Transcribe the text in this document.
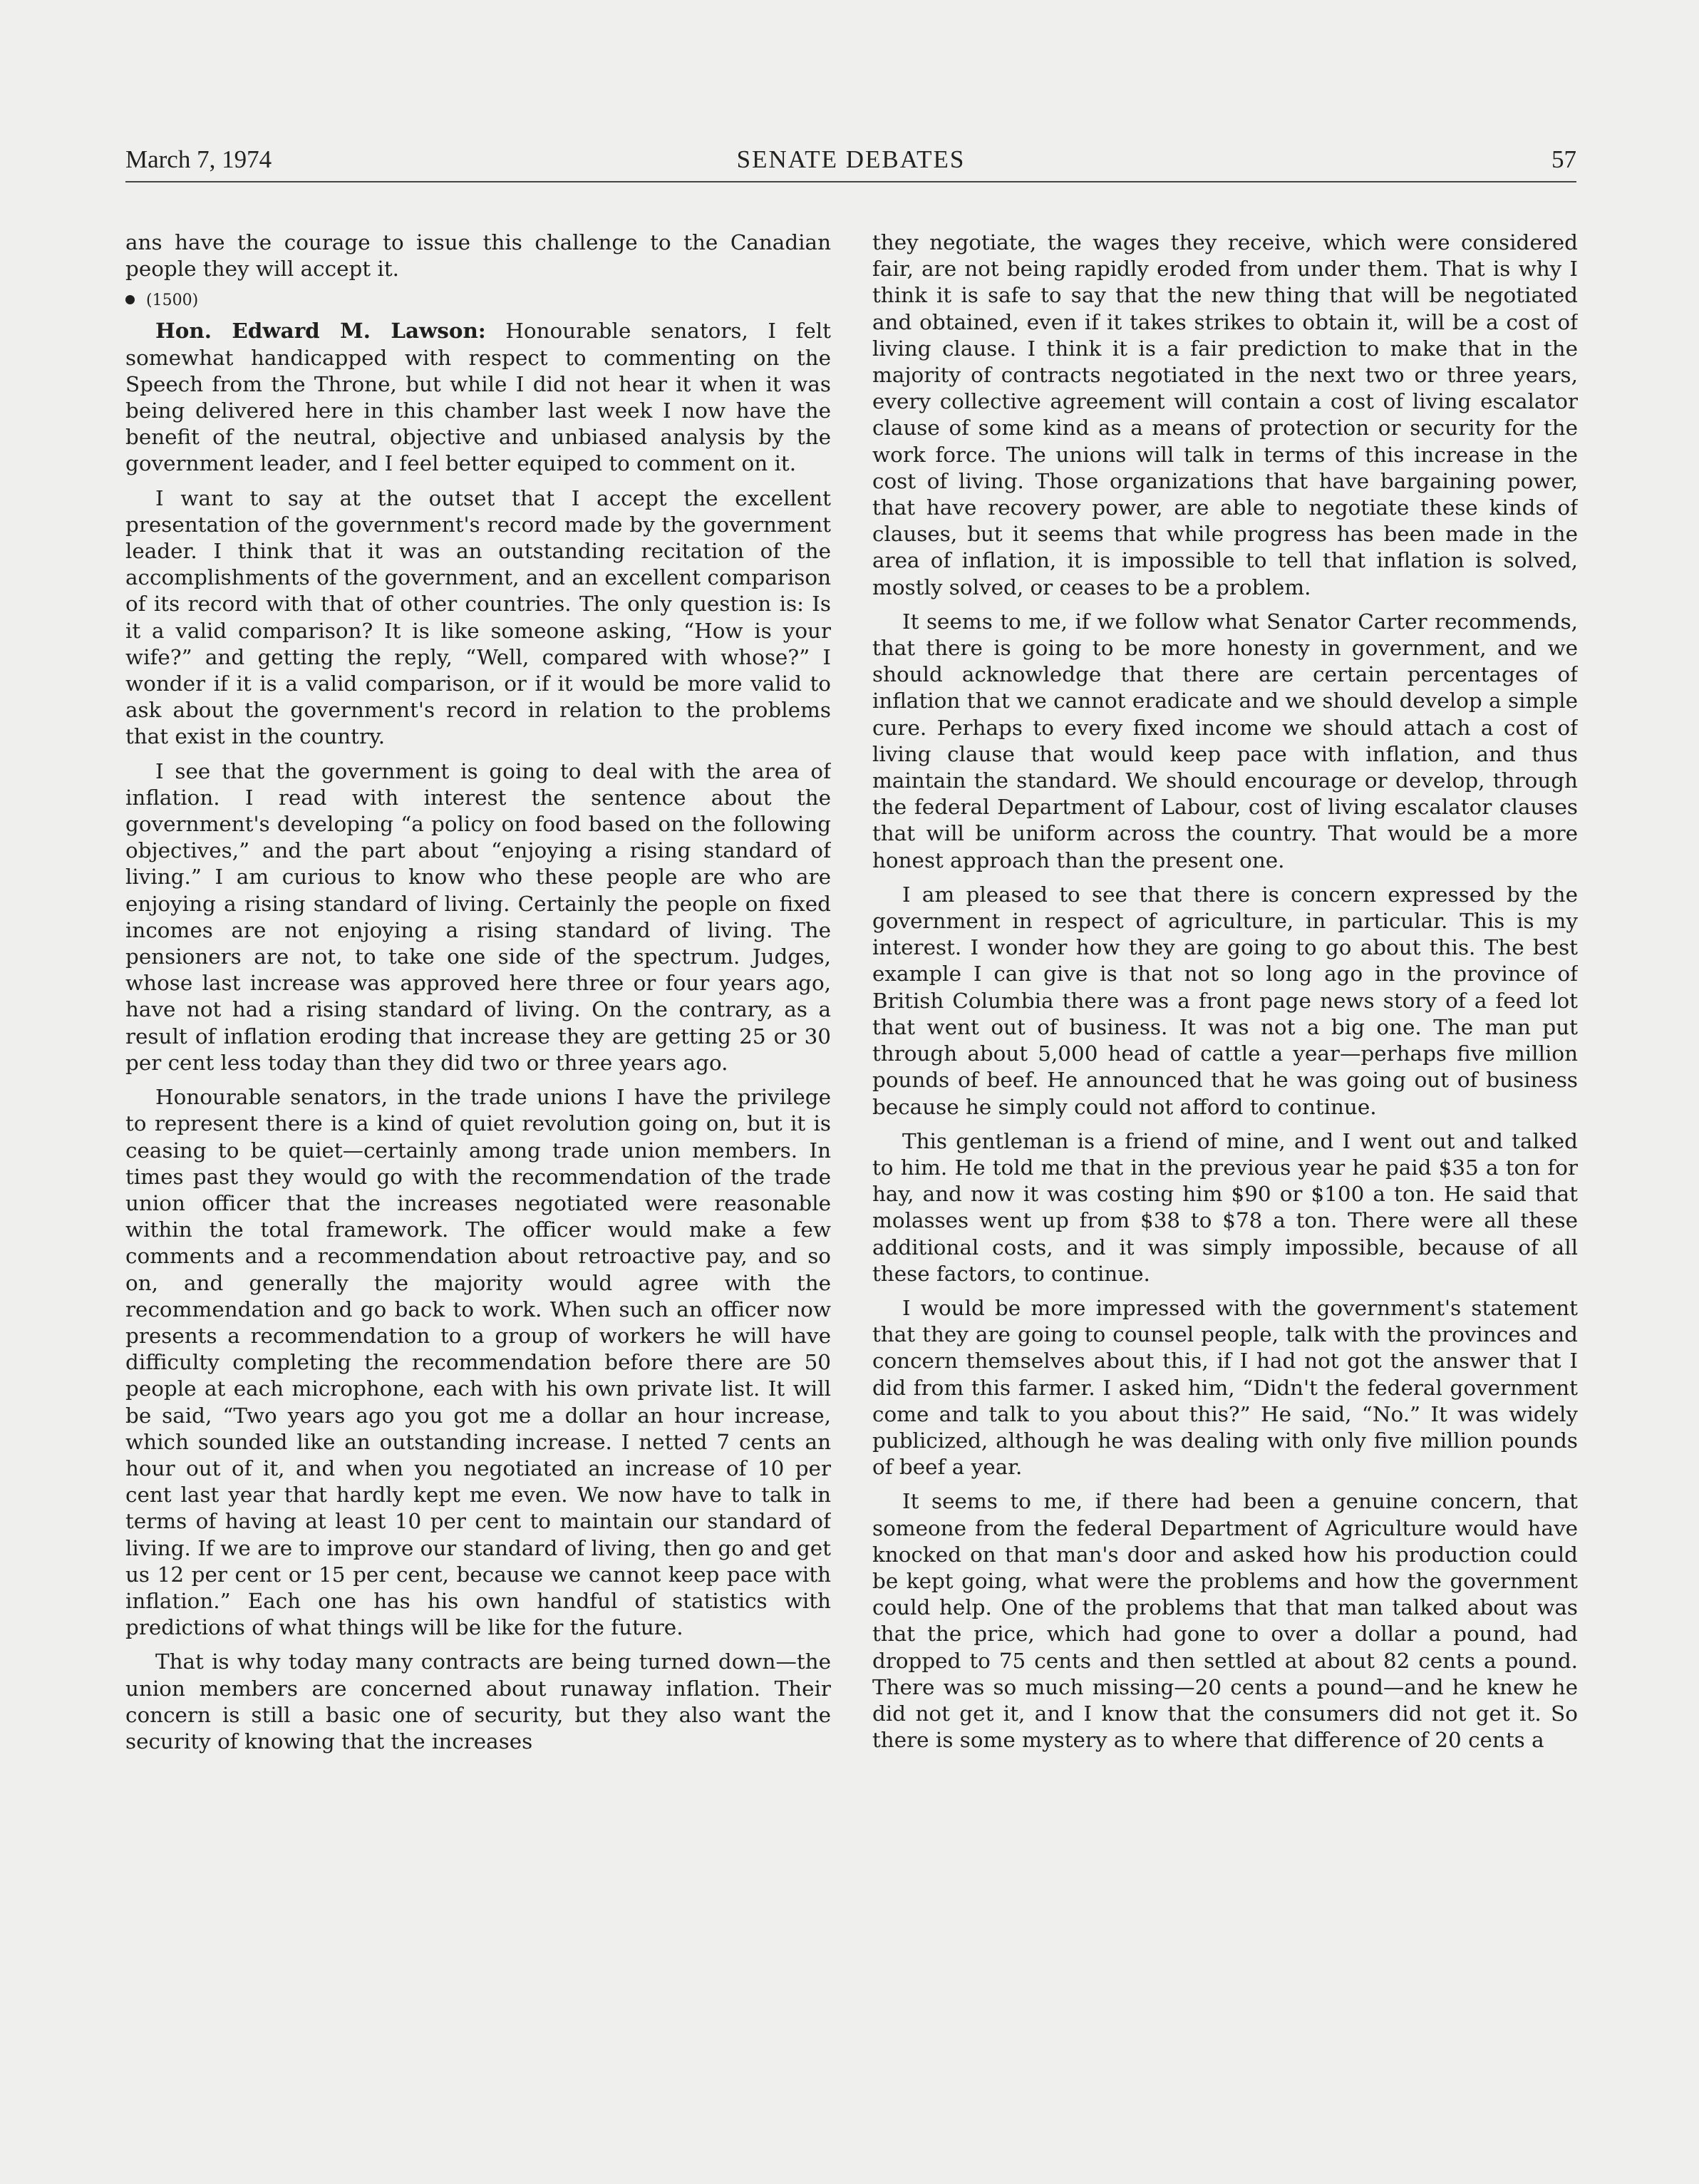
March 7, 1974	SENATE DEBATES	57

ans have the courage to issue this challenge to the Canadian people they will accept it.

(1500)

Hon. Edward M. Lawson: Honourable senators, I felt somewhat handicapped with respect to commenting on the Speech from the Throne, but while I did not hear it when it was being delivered here in this chamber last week I now have the benefit of the neutral, objective and unbiased analysis by the government leader, and I feel better equiped to comment on it.

I want to say at the outset that I accept the excellent presentation of the government's record made by the government leader. I think that it was an outstanding recitation of the accomplishments of the government, and an excellent comparison of its record with that of other countries. The only question is: Is it a valid comparison? It is like someone asking, “How is your wife?” and getting the reply, “Well, compared with whose?” I wonder if it is a valid comparison, or if it would be more valid to ask about the government's record in relation to the problems that exist in the country.

I see that the government is going to deal with the area of inflation. I read with interest the sentence about the government's developing “a policy on food based on the following objectives,” and the part about “enjoying a rising standard of living.” I am curious to know who these people are who are enjoying a rising standard of living. Certainly the people on fixed incomes are not enjoying a rising standard of living. The pensioners are not, to take one side of the spectrum. Judges, whose last increase was approved here three or four years ago, have not had a rising standard of living. On the contrary, as a result of inflation eroding that increase they are getting 25 or 30 per cent less today than they did two or three years ago.

Honourable senators, in the trade unions I have the privilege to represent there is a kind of quiet revolution going on, but it is ceasing to be quiet—certainly among trade union members. In times past they would go with the recommendation of the trade union officer that the increases negotiated were reasonable within the total framework. The officer would make a few comments and a recommendation about retroactive pay, and so on, and generally the majority would agree with the recommendation and go back to work. When such an officer now presents a recommendation to a group of workers he will have difficulty completing the recommendation before there are 50 people at each microphone, each with his own private list. It will be said, “Two years ago you got me a dollar an hour increase, which sounded like an outstanding increase. I netted 7 cents an hour out of it, and when you negotiated an increase of 10 per cent last year that hardly kept me even. We now have to talk in terms of having at least 10 per cent to maintain our standard of living. If we are to improve our standard of living, then go and get us 12 per cent or 15 per cent, because we cannot keep pace with inflation.” Each one has his own handful of statistics with predictions of what things will be like for the future.

That is why today many contracts are being turned down—the union members are concerned about runaway inflation. Their concern is still a basic one of security, but they also want the security of knowing that the increases

they negotiate, the wages they receive, which were considered fair, are not being rapidly eroded from under them. That is why I think it is safe to say that the new thing that will be negotiated and obtained, even if it takes strikes to obtain it, will be a cost of living clause. I think it is a fair prediction to make that in the majority of contracts negotiated in the next two or three years, every collective agreement will contain a cost of living escalator clause of some kind as a means of protection or security for the work force. The unions will talk in terms of this increase in the cost of living. Those organizations that have bargaining power, that have recovery power, are able to negotiate these kinds of clauses, but it seems that while progress has been made in the area of inflation, it is impossible to tell that inflation is solved, mostly solved, or ceases to be a problem.

It seems to me, if we follow what Senator Carter recommends, that there is going to be more honesty in government, and we should acknowledge that there are certain percentages of inflation that we cannot eradicate and we should develop a simple cure. Perhaps to every fixed income we should attach a cost of living clause that would keep pace with inflation, and thus maintain the standard. We should encourage or develop, through the federal Department of Labour, cost of living escalator clauses that will be uniform across the country. That would be a more honest approach than the present one.

I am pleased to see that there is concern expressed by the government in respect of agriculture, in particular. This is my interest. I wonder how they are going to go about this. The best example I can give is that not so long ago in the province of British Columbia there was a front page news story of a feed lot that went out of business. It was not a big one. The man put through about 5,000 head of cattle a year—perhaps five million pounds of beef. He announced that he was going out of business because he simply could not afford to continue.

This gentleman is a friend of mine, and I went out and talked to him. He told me that in the previous year he paid $35 a ton for hay, and now it was costing him $90 or $100 a ton. He said that molasses went up from $38 to $78 a ton. There were all these additional costs, and it was simply impossible, because of all these factors, to continue.

I would be more impressed with the government's statement that they are going to counsel people, talk with the provinces and concern themselves about this, if I had not got the answer that I did from this farmer. I asked him, “Didn't the federal government come and talk to you about this?” He said, “No.” It was widely publicized, although he was dealing with only five million pounds of beef a year.

It seems to me, if there had been a genuine concern, that someone from the federal Department of Agriculture would have knocked on that man's door and asked how his production could be kept going, what were the problems and how the government could help. One of the problems that that man talked about was that the price, which had gone to over a dollar a pound, had dropped to 75 cents and then settled at about 82 cents a pound. There was so much missing—20 cents a pound—and he knew he did not get it, and I know that the consumers did not get it. So there is some mystery as to where that difference of 20 cents a
